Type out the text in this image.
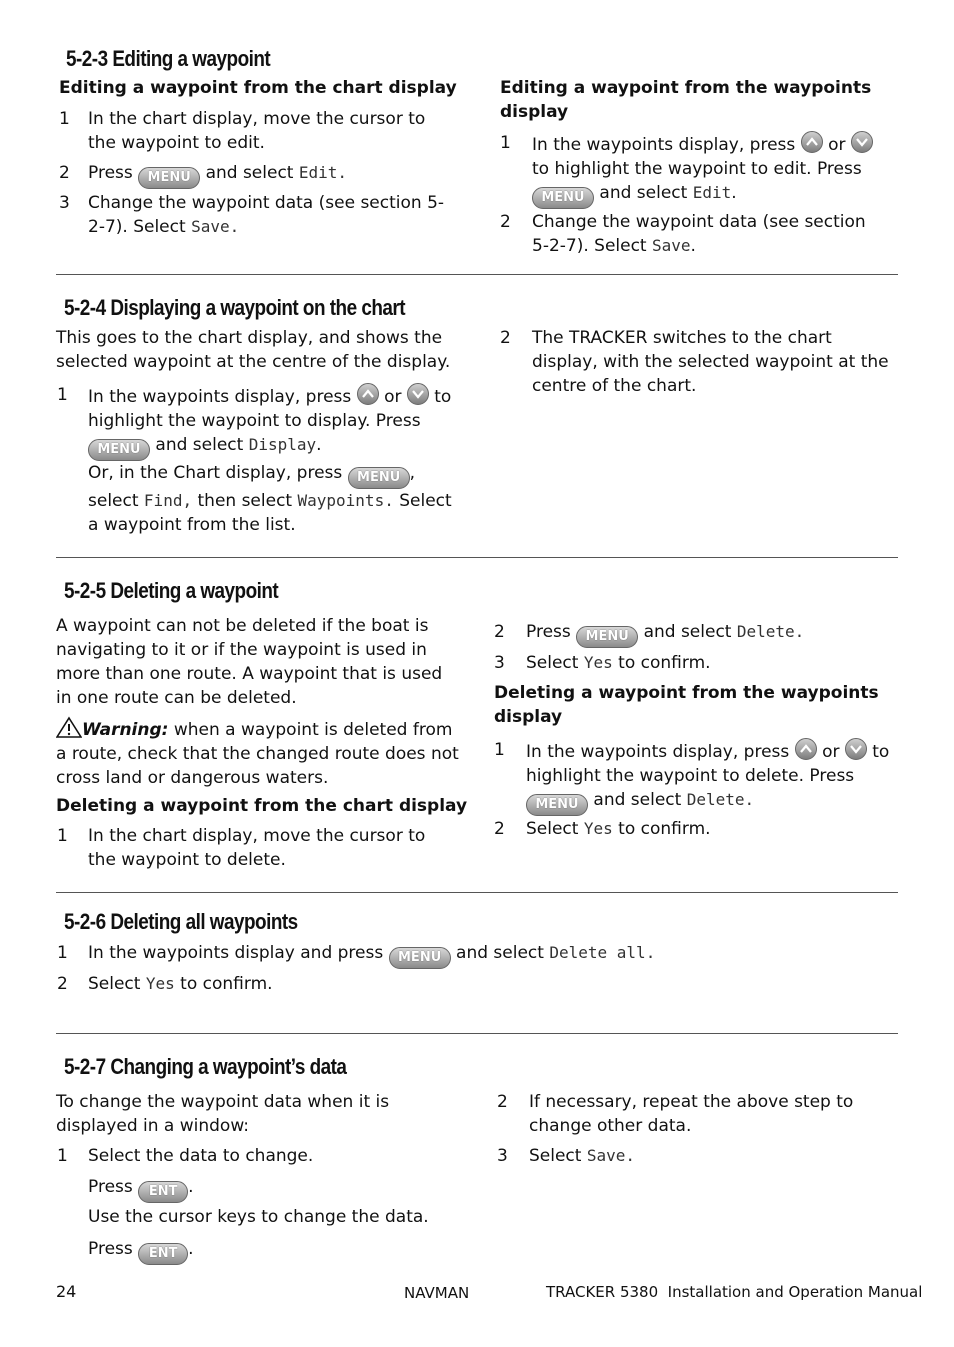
5-2-3 Editing a waypoint
Editing a waypoint from the chart display
1 In the chart display, move the cursor to the waypoint to edit.
2 Press MENU and select Edit.
3 Change the waypoint data (see section 5-2-7). Select Save.
Editing a waypoint from the waypoints display
1 In the waypoints display, press or
to highlight the waypoint to edit. Press MENU and select Edit.
2 Change the waypoint data (see section 5-2-7). Select Save.
5-2-4 Displaying a waypoint on the chart
This goes to the chart display, and shows the selected waypoint at the centre of the display.
1 In the waypoints display, press or to highlight the waypoint to display. Press MENU and select Display.
Or, in the Chart display, press MENU , select Find, then select Waypoints. Select a waypoint from the list.
2 The TRACKER switches to the chart display, with the selected waypoint at the centre of the chart.
5-2-5 Deleting a waypoint
A waypoint can not be deleted if the boat is navigating to it or if the waypoint is used in more than one route. A waypoint that is used in one route can be deleted.
Warning: when a waypoint is deleted from a route, check that the changed route does not cross land or dangerous waters.
Deleting a waypoint from the chart display
1 In the chart display, move the cursor to the waypoint to delete.
2 Press MENU and select Delete.
3 Select Yes to confirm.
Deleting a waypoint from the waypoints display
1 In the waypoints display, press or to highlight the waypoint to delete. Press MENU and select Delete.
2 Select Yes to confirm.
5-2-6 Deleting all waypoints
1 In the waypoints display and press MENU and select Delete all.
2 Select Yes to confirm.
5-2-7 Changing a waypoint’s data
To change the waypoint data when it is displayed in a window:
1 Select the data to change.
Press ENT .
Use the cursor keys to change the data.
Press ENT .
2 If necessary, repeat the above step to change other data.
3 Select Save.
24	NAVMAN	TRACKER 5380  Installation and Operation Manual
